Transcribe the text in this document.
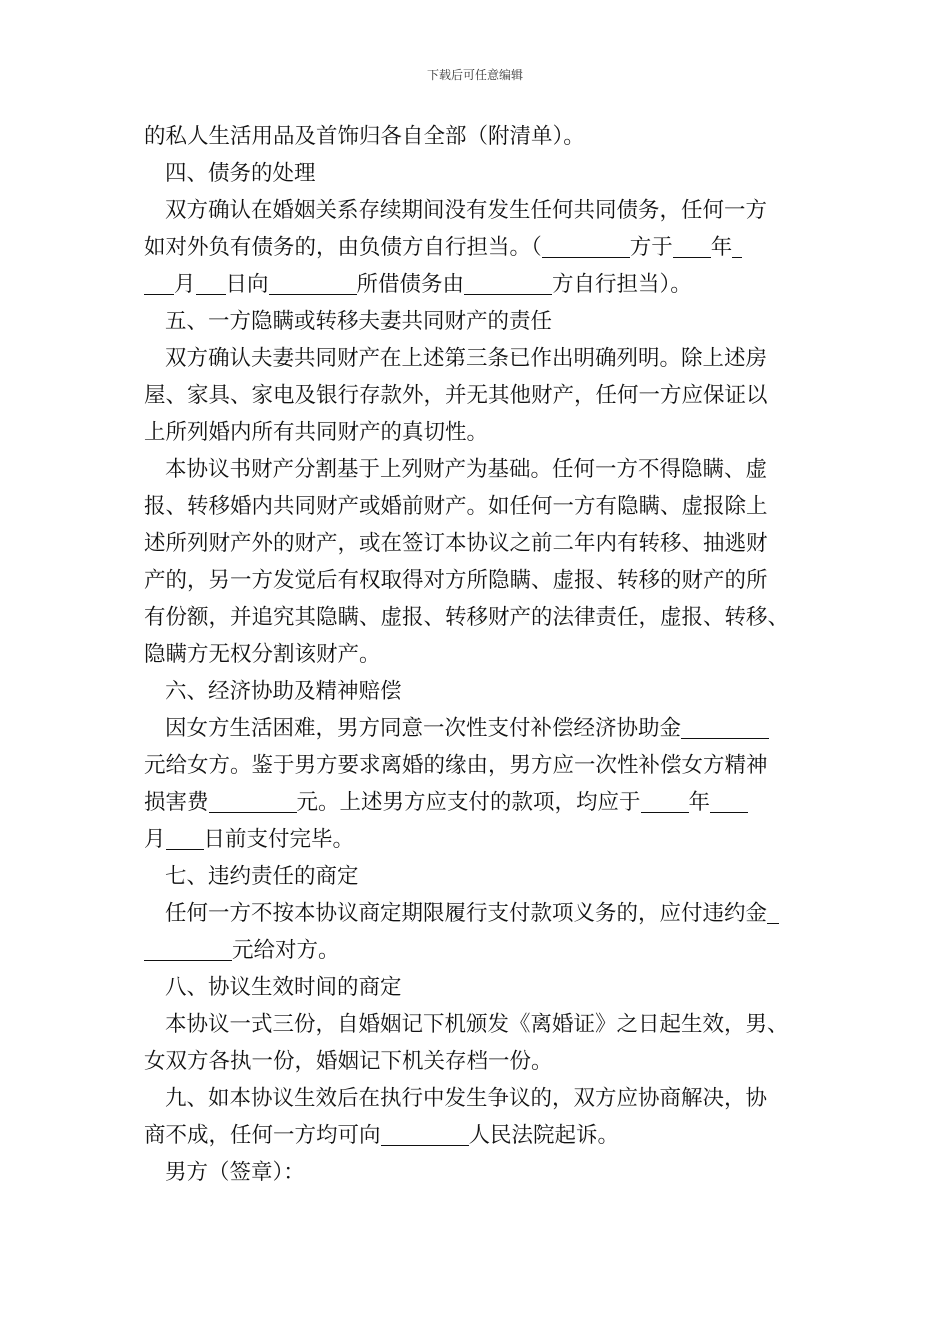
下载后可任意编辑
的私人生活用品及首饰归各自全部（附清单）。
四、债务的处理
双方确认在婚姻关系存续期间没有发生任何共同债务，任何一方
如对外负有债务的，由负债方自行担当。（	方于 年
月 日向	所借债务由	方自行担当）。
五、一方隐瞒或转移夫妻共同财产的责任
双方确认夫妻共同财产在上述第三条已作出明确列明。除上述房
屋、家具、家电及银行存款外，并无其他财产，任何一方应保证以
上所列婚内所有共同财产的真切性。
本协议书财产分割基于上列财产为基础。任何一方不得隐瞒、虚
报、转移婚内共同财产或婚前财产。如任何一方有隐瞒、虚报除上
述所列财产外的财产，或在签订本协议之前二年内有转移、抽逃财
产的，另一方发觉后有权取得对方所隐瞒、虚报、转移的财产的所
有份额，并追究其隐瞒、虚报、转移财产的法律责任，虚报、转移、
隐瞒方无权分割该财产。
六、经济协助及精神赔偿
因女方生活困难，男方同意一次性支付补偿经济协助金
元给女方。鉴于男方要求离婚的缘由，男方应一次性补偿女方精神
损害费	元。上述男方应支付的款项，均应于 年
月 日前支付完毕。
七、违约责任的商定
任何一方不按本协议商定期限履行支付款项义务的，应付违约金
元给对方。
八、协议生效时间的商定
本协议一式三份，自婚姻记下机颁发《离婚证》之日起生效，男、
女双方各执一份，婚姻记下机关存档一份。
九、如本协议生效后在执行中发生争议的，双方应协商解决，协
商不成，任何一方均可向	人民法院起诉。
男方（签章）：
